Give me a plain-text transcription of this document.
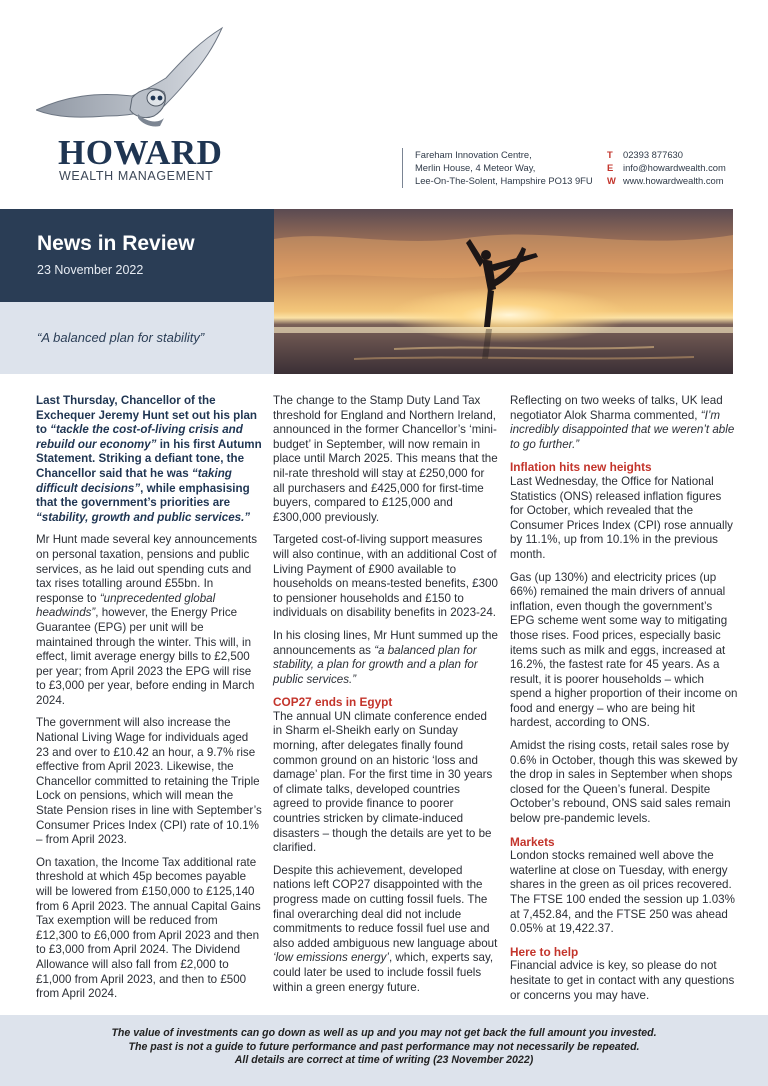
HOWARD
WEALTH MANAGEMENT
Fareham Innovation Centre,
Merlin House, 4 Meteor Way,
Lee-On-The-Solent, Hampshire PO13 9FU
T 02393 877630
E info@howardwealth.com
W www.howardwealth.com
News in Review
23 November 2022
“A balanced plan for stability”

Last Thursday, Chancellor of the Exchequer Jeremy Hunt set out his plan to “tackle the cost-of-living crisis and rebuild our economy” in his first Autumn Statement. Striking a defiant tone, the Chancellor said that he was “taking difficult decisions”, while emphasising that the government’s priorities are “stability, growth and public services.”

Mr Hunt made several key announcements on personal taxation, pensions and public services, as he laid out spending cuts and tax rises totalling around £55bn. In response to “unprecedented global headwinds”, however, the Energy Price Guarantee (EPG) per unit will be maintained through the winter. This will, in effect, limit average energy bills to £2,500 per year; from April 2023 the EPG will rise to £3,000 per year, before ending in March 2024.

The government will also increase the National Living Wage for individuals aged 23 and over to £10.42 an hour, a 9.7% rise effective from April 2023. Likewise, the Chancellor committed to retaining the Triple Lock on pensions, which will mean the State Pension rises in line with September’s Consumer Prices Index (CPI) rate of 10.1% – from April 2023.

On taxation, the Income Tax additional rate threshold at which 45p becomes payable will be lowered from £150,000 to £125,140 from 6 April 2023. The annual Capital Gains Tax exemption will be reduced from £12,300 to £6,000 from April 2023 and then to £3,000 from April 2024. The Dividend Allowance will also fall from £2,000 to £1,000 from April 2023, and then to £500 from April 2024.

The change to the Stamp Duty Land Tax threshold for England and Northern Ireland, announced in the former Chancellor’s ‘mini-budget’ in September, will now remain in place until March 2025. This means that the nil-rate threshold will stay at £250,000 for all purchasers and £425,000 for first-time buyers, compared to £125,000 and £300,000 previously.

Targeted cost-of-living support measures will also continue, with an additional Cost of Living Payment of £900 available to households on means-tested benefits, £300 to pensioner households and £150 to individuals on disability benefits in 2023-24.

In his closing lines, Mr Hunt summed up the announcements as “a balanced plan for stability, a plan for growth and a plan for public services.”

COP27 ends in Egypt

The annual UN climate conference ended in Sharm el-Sheikh early on Sunday morning, after delegates finally found common ground on an historic ‘loss and damage’ plan. For the first time in 30 years of climate talks, developed countries agreed to provide finance to poorer countries stricken by climate-induced disasters – though the details are yet to be clarified.

Despite this achievement, developed nations left COP27 disappointed with the progress made on cutting fossil fuels. The final overarching deal did not include commitments to reduce fossil fuel use and also added ambiguous new language about ‘low emissions energy’, which, experts say, could later be used to include fossil fuels within a green energy future.

Reflecting on two weeks of talks, UK lead negotiator Alok Sharma commented, “I’m incredibly disappointed that we weren’t able to go further.”

Inflation hits new heights

Last Wednesday, the Office for National Statistics (ONS) released inflation figures for October, which revealed that the Consumer Prices Index (CPI) rose annually by 11.1%, up from 10.1% in the previous month.

Gas (up 130%) and electricity prices (up 66%) remained the main drivers of annual inflation, even though the government’s EPG scheme went some way to mitigating those rises. Food prices, especially basic items such as milk and eggs, increased at 16.2%, the fastest rate for 45 years. As a result, it is poorer households – which spend a higher proportion of their income on food and energy – who are being hit hardest, according to ONS.

Amidst the rising costs, retail sales rose by 0.6% in October, though this was skewed by the drop in sales in September when shops closed for the Queen’s funeral. Despite October’s rebound, ONS said sales remain below pre-pandemic levels.

Markets

London stocks remained well above the waterline at close on Tuesday, with energy shares in the green as oil prices recovered. The FTSE 100 ended the session up 1.03% at 7,452.84, and the FTSE 250 was ahead 0.05% at 19,422.37.

Here to help

Financial advice is key, so please do not hesitate to get in contact with any questions or concerns you may have.

The value of investments can go down as well as up and you may not get back the full amount you invested.

The past is not a guide to future performance and past performance may not necessarily be repeated.

All details are correct at time of writing (23 November 2022)
